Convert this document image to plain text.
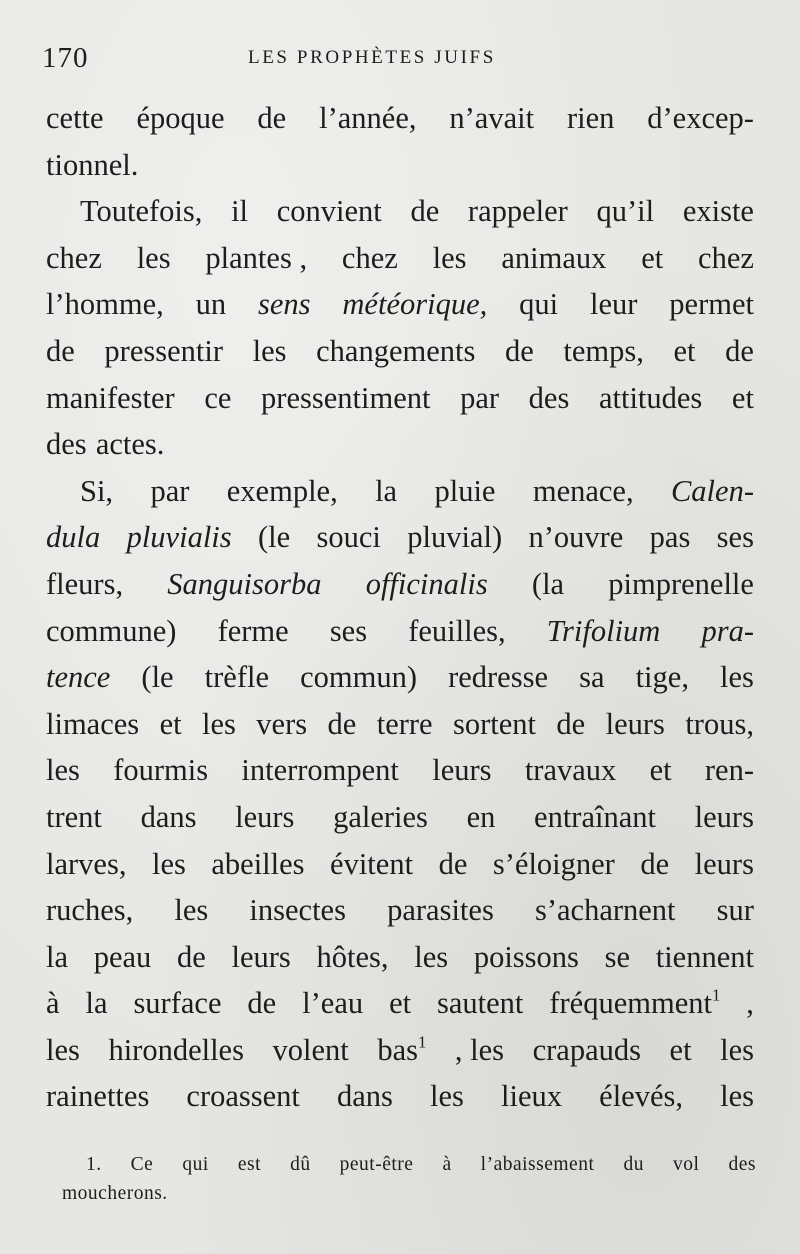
170	LES PROPHÈTES JUIFS
cette époque de l’année, n’avait rien d’excep-
tionnel.
Toutefois, il convient de rappeler qu’il existe
chez les plantes , chez les animaux et chez
l’homme, un sens météorique, qui leur permet
de pressentir les changements de temps, et de
manifester ce pressentiment par des attitudes et
des actes.
Si, par exemple, la pluie menace, Calen-
dula pluvialis (le souci pluvial) n’ouvre pas ses
fleurs, Sanguisorba officinalis (la pimprenelle
commune) ferme ses feuilles, Trifolium pra-
tence (le trèfle commun) redresse sa tige, les
limaces et les vers de terre sortent de leurs trous,
les fourmis interrompent leurs travaux et ren-
trent dans leurs galeries en entraînant leurs
larves, les abeilles évitent de s’éloigner de leurs
ruches, les insectes parasites s’acharnent sur
la peau de leurs hôtes, les poissons se tiennent
à la surface de l’eau et sautent fréquemment$^1$ ,
les hirondelles volent bas$^1$ , les crapauds et les
rainettes croassent dans les lieux élevés, les
1. Ce qui est dû peut-être à l’abaissement du vol des
moucherons.
